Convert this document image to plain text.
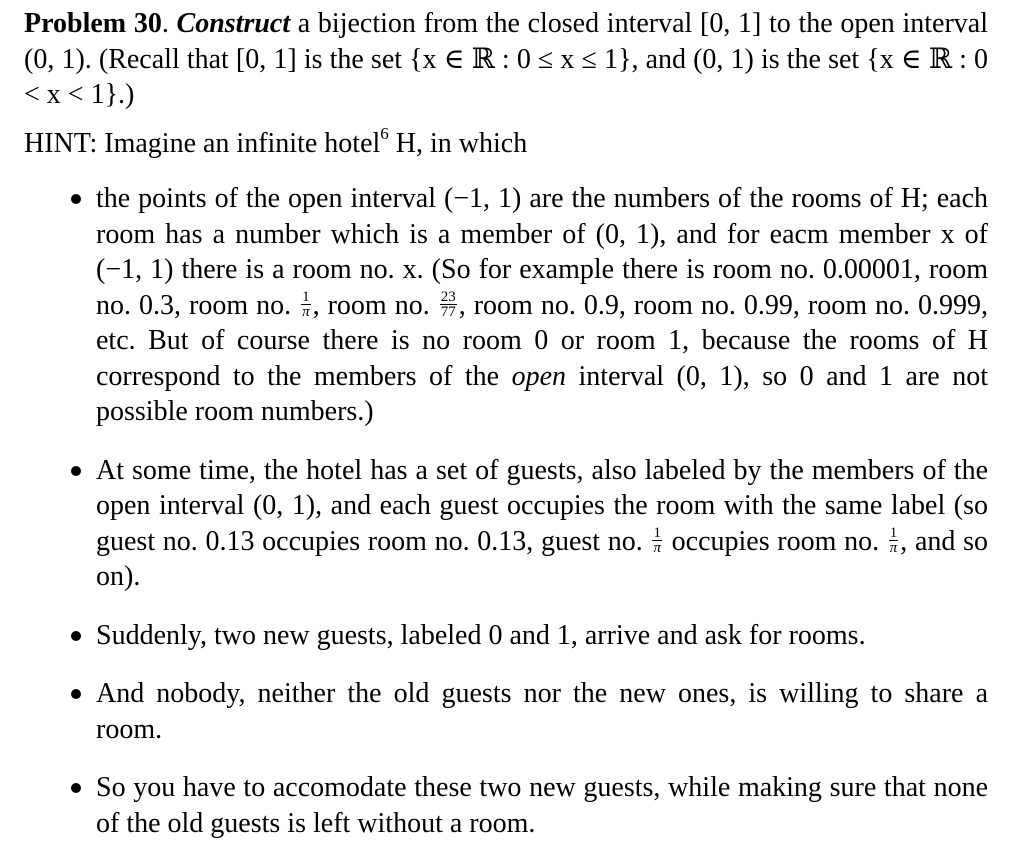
Problem 30. Construct a bijection from the closed interval [0, 1] to the open interval (0, 1). (Recall that [0, 1] is the set {x ∈ ℝ : 0 ≤ x ≤ 1}, and (0, 1) is the set {x ∈ ℝ : 0 < x < 1}.)

HINT: Imagine an infinite hotel$^6$ H, in which

the points of the open interval (−1, 1) are the numbers of the rooms of H; each room has a number which is a member of (0, 1), and for eacm member x of (−1, 1) there is a room no. x. (So for example there is room no. 0.00001, room no. 0.3, room no. $\frac{1}{\pi}$ , room no. $\frac{23}{77}$ , room no. 0.9, room no. 0.99, room no. 0.999, etc. But of course there is no room 0 or room 1, because the rooms of H correspond to the members of the open interval (0, 1), so 0 and 1 are not possible room numbers.)
At some time, the hotel has a set of guests, also labeled by the members of the open interval (0, 1), and each guest occupies the room with the same label (so guest no. 0.13 occupies room no. 0.13, guest no. $\frac{1}{\pi}$ occupies room no. $\frac{1}{\pi}$ , and so on).
Suddenly, two new guests, labeled 0 and 1, arrive and ask for rooms.
And nobody, neither the old guests nor the new ones, is willing to share a room.
So you have to accomodate these two new guests, while making sure that none of the old guests is left without a room.
